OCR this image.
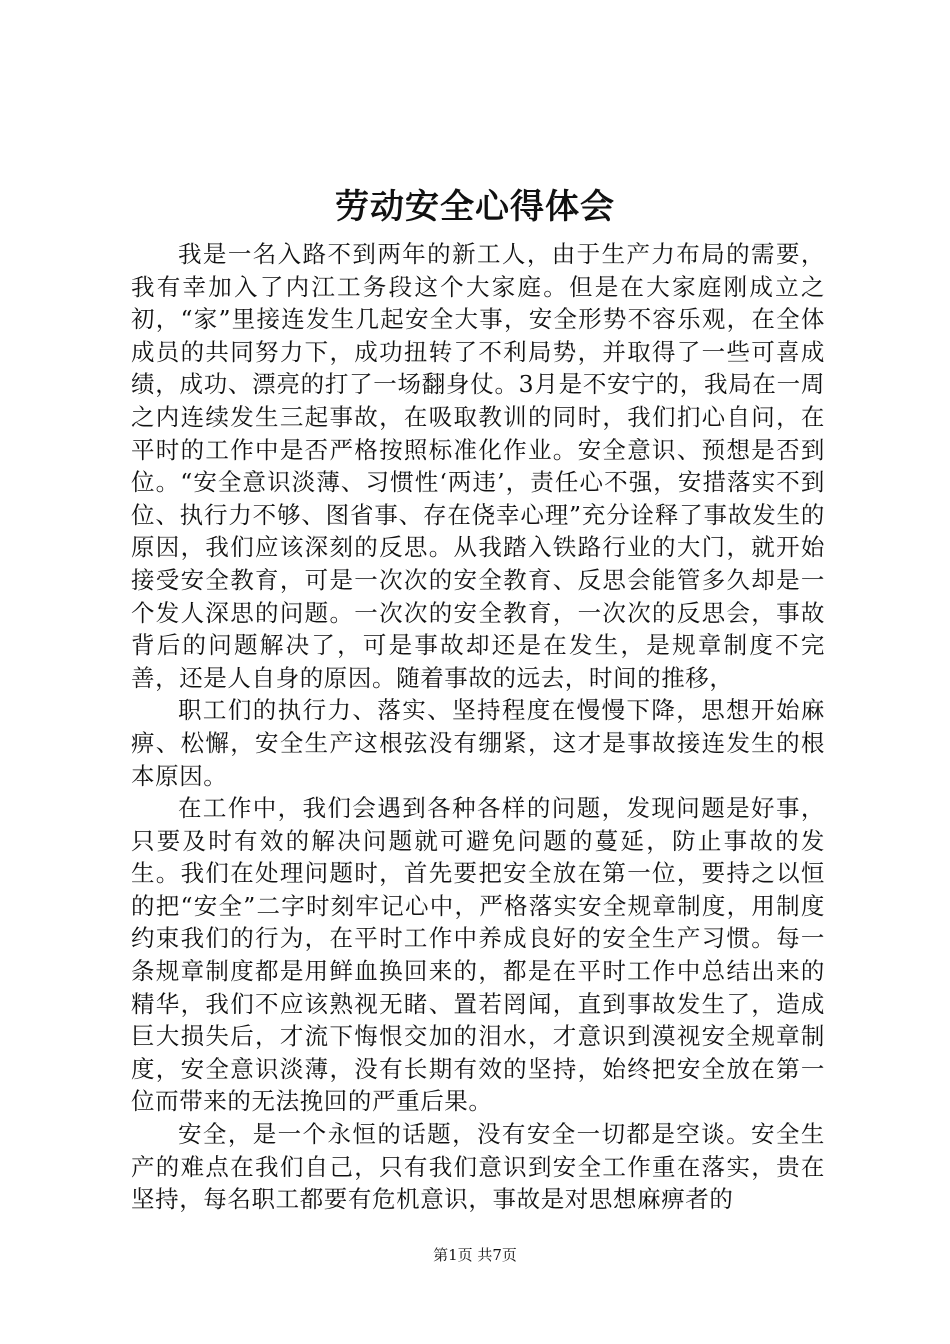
劳动安全心得体会

我是一名入路不到两年的新工人，由于生产力布局的需要，我有幸加入了内江工务段这个大家庭。但是在大家庭刚成立之初，“家”里接连发生几起安全大事，安全形势不容乐观，在全体成员的共同努力下，成功扭转了不利局势，并取得了一些可喜成绩，成功、漂亮的打了一场翻身仗。3月是不安宁的，我局在一周之内连续发生三起事故，在吸取教训的同时，我们扪心自问，在平时的工作中是否严格按照标准化作业。安全意识、预想是否到位。“安全意识淡薄、习惯性‘两违’，责任心不强，安措落实不到位、执行力不够、图省事、存在侥幸心理”充分诠释了事故发生的原因，我们应该深刻的反思。从我踏入铁路行业的大门，就开始接受安全教育，可是一次次的安全教育、反思会能管多久却是一个发人深思的问题。一次次的安全教育，一次次的反思会，事故背后的问题解决了，可是事故却还是在发生，是规章制度不完善，还是人自身的原因。随着事故的远去，时间的推移，

职工们的执行力、落实、坚持程度在慢慢下降，思想开始麻痹、松懈，安全生产这根弦没有绷紧，这才是事故接连发生的根本原因。

在工作中，我们会遇到各种各样的问题，发现问题是好事，只要及时有效的解决问题就可避免问题的蔓延，防止事故的发生。我们在处理问题时，首先要把安全放在第一位，要持之以恒的把“安全”二字时刻牢记心中，严格落实安全规章制度，用制度约束我们的行为，在平时工作中养成良好的安全生产习惯。每一条规章制度都是用鲜血换回来的，都是在平时工作中总结出来的精华，我们不应该熟视无睹、置若罔闻，直到事故发生了，造成巨大损失后，才流下悔恨交加的泪水，才意识到漠视安全规章制度，安全意识淡薄，没有长期有效的坚持，始终把安全放在第一位而带来的无法挽回的严重后果。

安全，是一个永恒的话题，没有安全一切都是空谈。安全生产的难点在我们自己，只有我们意识到安全工作重在落实，贵在坚持，每名职工都要有危机意识，事故是对思想麻痹者的

第1页 共7页
